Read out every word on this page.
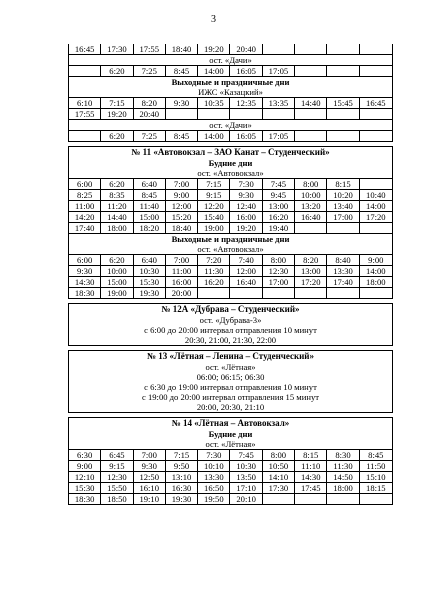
3
16:45	17:30	17:55	18:40	19:20	20:40
ост. «Дачи»
6:20	7:25	8:45	14:00	16:05	17:05
Выходные и праздничные дни
ИЖС «Казацкий»
6:10	7:15	8:20	9:30	10:35	12:35	13:35	14:40	15:45	16:45
17:55	19:20	20:40
ост. «Дачи»
6:20	7:25	8:45	14:00	16:05	17:05
№ 11 «Автовокзал – ЗАО Канат – Студенческий»
Будние дни
ост. «Автовокзал»
6:00	6:20	6:40	7:00	7:15	7:30	7:45	8:00	8:15
8:25	8:35	8:45	9:00	9:15	9:30	9:45	10:00	10:20	10:40
11:00	11:20	11:40	12:00	12:20	12:40	13:00	13:20	13:40	14:00
14:20	14:40	15:00	15:20	15:40	16:00	16:20	16:40	17:00	17:20
17:40	18:00	18:20	18:40	19:00	19:20	19:40
Выходные и праздничные дни
ост. «Автовокзал»
6:00	6:20	6:40	7:00	7:20	7:40	8:00	8:20	8:40	9:00
9:30	10:00	10:30	11:00	11:30	12:00	12:30	13:00	13:30	14:00
14:30	15:00	15:30	16:00	16:20	16:40	17:00	17:20	17:40	18:00
18:30	19:00	19:30	20:00
№ 12А «Дубрава – Студенческий»
ост. «Дубрава-3»
с 6:00 до 20:00 интервал отправления 10 минут
20:30, 21:00, 21:30, 22:00
№ 13 «Лётная – Ленина – Студенческий»
ост. «Лётная»
06:00; 06:15; 06:30
с 6:30 до 19:00 интервал отправления 10 минут
с 19:00 до 20:00 интервал отправления 15 минут
20:00, 20:30, 21:10
№ 14 «Лётная – Автовокзал»
Будние дни
ост. «Лётная»
6:30	6:45	7:00	7:15	7:30	7:45	8:00	8:15	8:30	8:45
9:00	9:15	9:30	9:50	10:10	10:30	10:50	11:10	11:30	11:50
12:10	12:30	12:50	13:10	13:30	13:50	14:10	14:30	14:50	15:10
15:30	15:50	16:10	16:30	16:50	17:10	17:30	17:45	18:00	18:15
18:30	18:50	19:10	19:30	19:50	20:10
